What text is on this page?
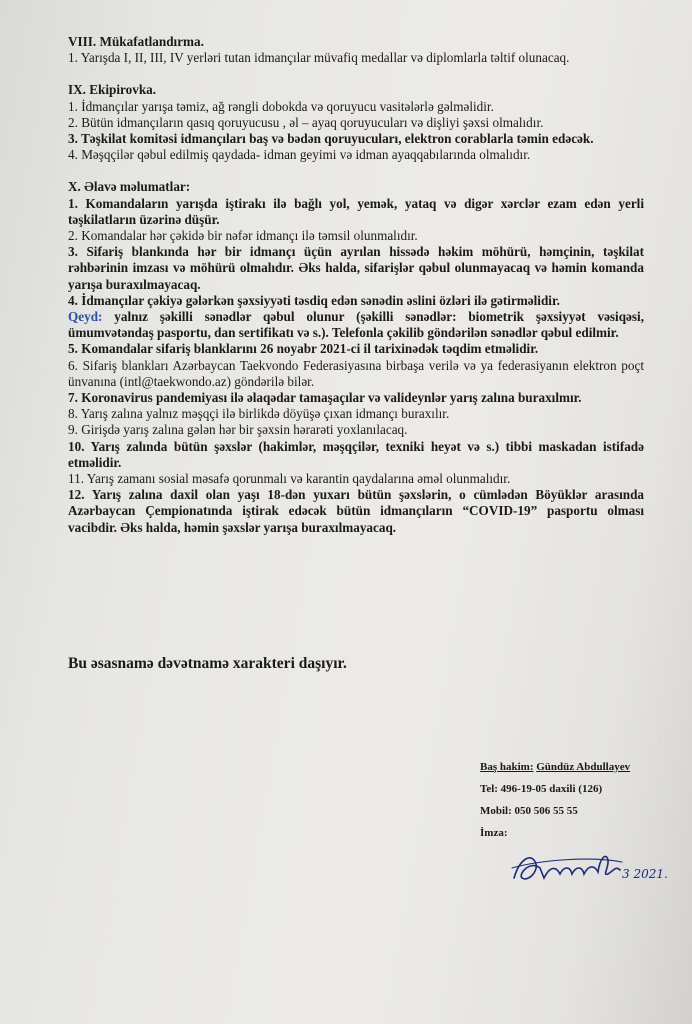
VIII. Mükafatlandırma.

1. Yarışda I, II, III, IV yerləri tutan idmançılar müvafiq medallar və diplomlarla təltif olunacaq.

IX. Ekipirovka.

1. İdmançılar yarışa təmiz, ağ rəngli dobokda və qoruyucu vasitələrlə gəlməlidir.

2. Bütün idmançıların qasıq qoruyucusu , əl – ayaq qoruyucuları və dişliyi şəxsi olmalıdır.

3. Təşkilat komitəsi idmançıları baş və bədən qoruyucuları, elektron corablarla təmin edəcək.

4. Məşqçilər qəbul edilmiş qaydada- idman geyimi və idman ayaqqabılarında olmalıdır.

X. Əlavə məlumatlar:

1. Komandaların yarışda iştirakı ilə bağlı yol, yemək, yataq və digər xərclər ezam edən yerli təşkilatların üzərinə düşür.

2. Komandalar hər çəkidə bir nəfər idmançı ilə təmsil olunmalıdır.

3. Sifariş blankında hər bir idmançı üçün ayrılan hissədə həkim möhürü, həmçinin, təşkilat rəhbərinin imzası və möhürü olmalıdır. Əks halda, sifarişlər qəbul olunmayacaq və həmin komanda yarışa buraxılmayacaq.

4. İdmançılar çəkiyə gələrkən şəxsiyyəti təsdiq edən sənədin əslini özləri ilə gətirməlidir.

Qeyd: yalnız şəkilli sənədlər qəbul olunur (şəkilli sənədlər: biometrik şəxsiyyət vəsiqəsi, ümumvətəndaş pasportu, dan sertifikatı və s.). Telefonla çəkilib göndərilən sənədlər qəbul edilmir.

5. Komandalar sifariş blanklarını 26 noyabr 2021-ci il tarixinədək təqdim etməlidir.

6. Sifariş blankları Azərbaycan Taekvondo Federasiyasına birbaşa verilə və ya federasiyanın elektron poçt ünvanına (intl@taekwondo.az) göndərilə bilər.

7. Koronavirus pandemiyası ilə əlaqədar tamaşaçılar və valideynlər yarış zalına buraxılmır.

8. Yarış zalına yalnız məşqçi ilə birlikdə döyüşə çıxan idmançı buraxılır.

9. Girişdə yarış zalına gələn hər bir şəxsin hərarəti yoxlanılacaq.

10. Yarış zalında bütün şəxslər (hakimlər, məşqçilər, texniki heyət və s.) tibbi maskadan istifadə etməlidir.

11. Yarış zamanı sosial məsafə qorunmalı və karantin qaydalarına əməl olunmalıdır.

12. Yarış zalına daxil olan yaşı 18-dən yuxarı bütün şəxslərin, o cümlədən Böyüklər arasında Azərbaycan Çempionatında iştirak edəcək bütün idmançıların “COVID-19” pasportu olması vacibdir. Əks halda, həmin şəxslər yarışa buraxılmayacaq.

Bu əsasnamə dəvətnamə xarakteri daşıyır.
Baş hakim: Gündüz Abdullayev
Tel: 496-19-05 daxili (126)
Mobil: 050 506 55 55
İmza:
3 2021.
